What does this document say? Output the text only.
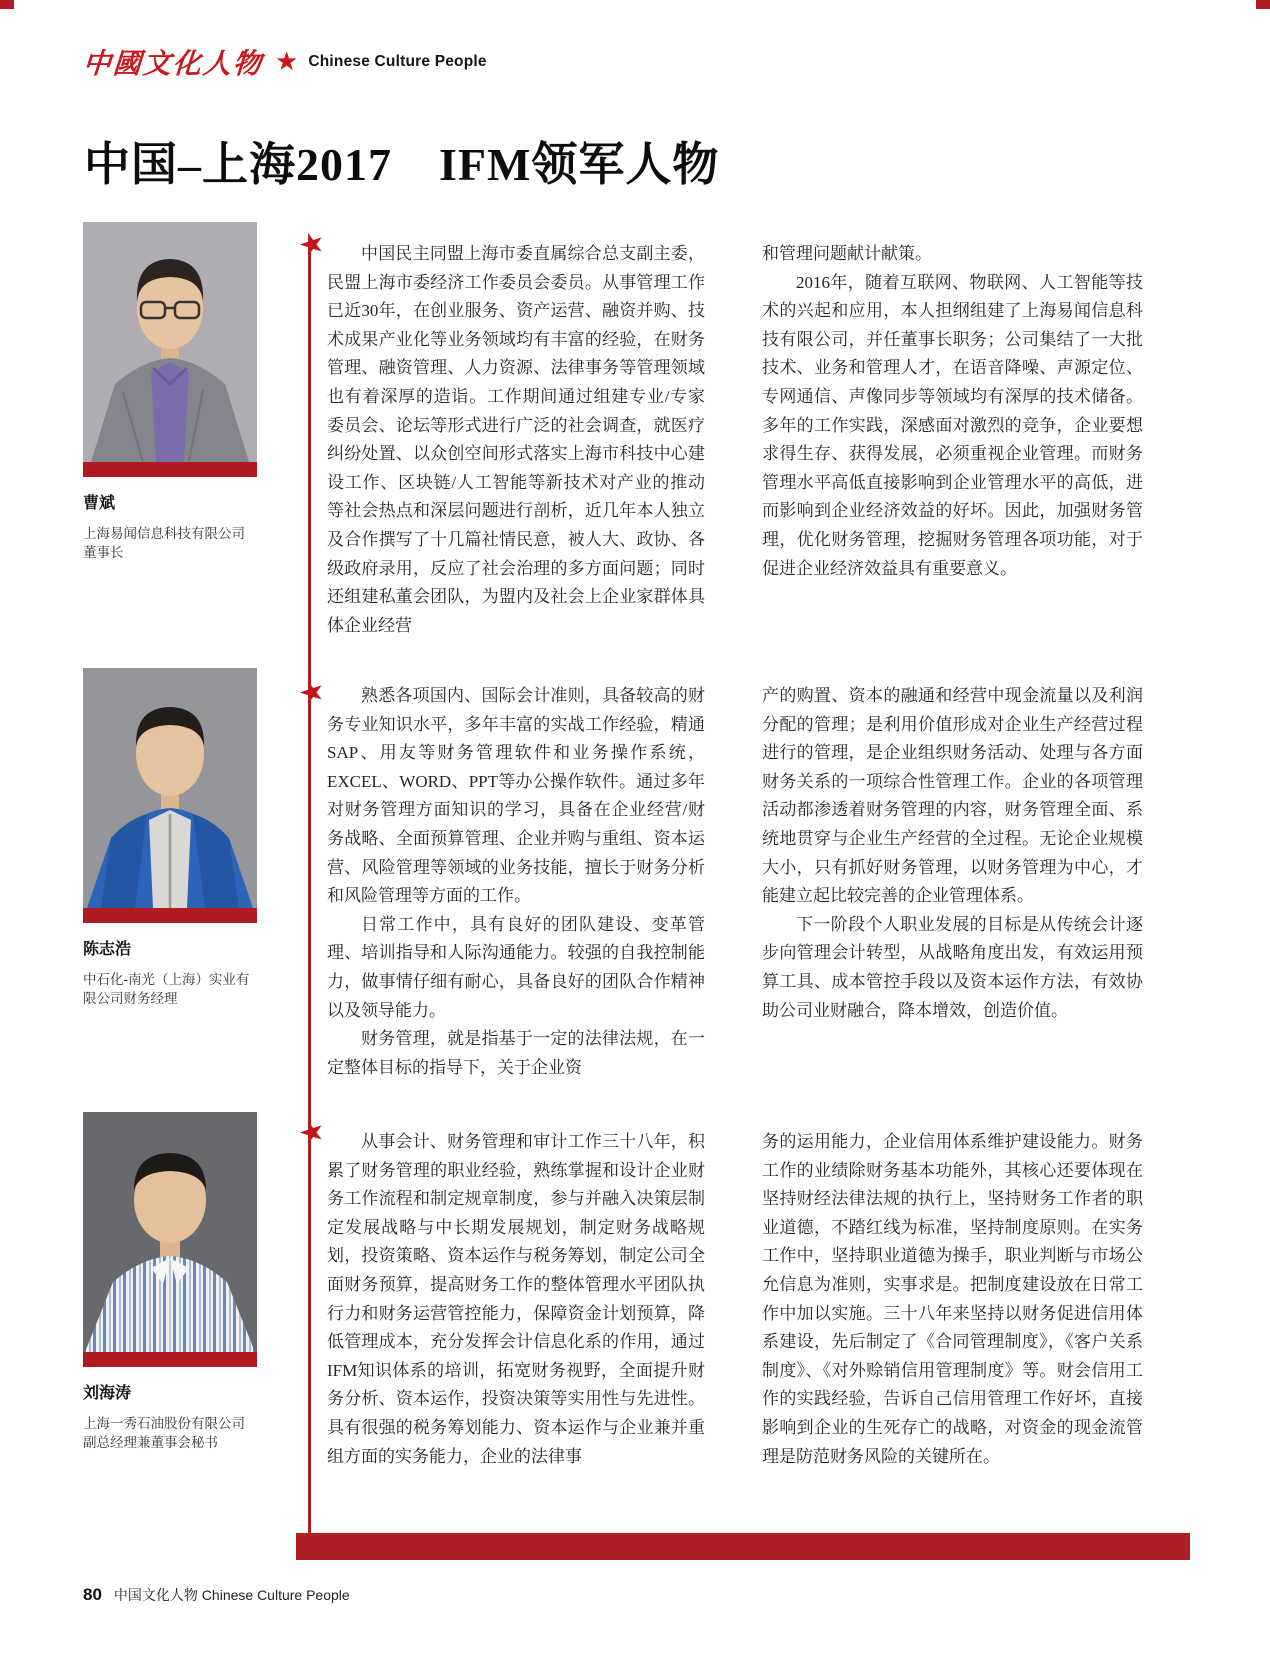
中國文化人物 ★ Chinese Culture People
中国–上海2017　IFM领军人物
★
★
★
曹斌
上海易闻信息科技有限公司董事长
陈志浩
中石化-南光（上海）实业有限公司财务经理
刘海涛
上海一秀石油股份有限公司副总经理兼董事会秘书

中国民主同盟上海市委直属综合总支副主委，民盟上海市委经济工作委员会委员。从事管理工作已近30年，在创业服务、资产运营、融资并购、技术成果产业化等业务领域均有丰富的经验，在财务管理、融资管理、人力资源、法律事务等管理领域也有着深厚的造诣。工作期间通过组建专业/专家委员会、论坛等形式进行广泛的社会调查，就医疗纠纷处置、以众创空间形式落实上海市科技中心建设工作、区块链/人工智能等新技术对产业的推动等社会热点和深层问题进行剖析，近几年本人独立及合作撰写了十几篇社情民意，被人大、政协、各级政府录用，反应了社会治理的多方面问题；同时还组建私董会团队，为盟内及社会上企业家群体具体企业经营

和管理问题献计献策。

2016年，随着互联网、物联网、人工智能等技术的兴起和应用，本人担纲组建了上海易闻信息科技有限公司，并任董事长职务；公司集结了一大批技术、业务和管理人才，在语音降噪、声源定位、专网通信、声像同步等领域均有深厚的技术储备。多年的工作实践，深感面对激烈的竞争，企业要想求得生存、获得发展，必须重视企业管理。而财务管理水平高低直接影响到企业管理水平的高低，进而影响到企业经济效益的好坏。因此，加强财务管理，优化财务管理，挖掘财务管理各项功能，对于促进企业经济效益具有重要意义。

熟悉各项国内、国际会计准则，具备较高的财务专业知识水平，多年丰富的实战工作经验，精通SAP、用友等财务管理软件和业务操作系统，EXCEL、WORD、PPT等办公操作软件。通过多年对财务管理方面知识的学习，具备在企业经营/财务战略、全面预算管理、企业并购与重组、资本运营、风险管理等领域的业务技能，擅长于财务分析和风险管理等方面的工作。

日常工作中，具有良好的团队建设、变革管理、培训指导和人际沟通能力。较强的自我控制能力，做事情仔细有耐心，具备良好的团队合作精神以及领导能力。

财务管理，就是指基于一定的法律法规，在一定整体目标的指导下，关于企业资

产的购置、资本的融通和经营中现金流量以及利润分配的管理；是利用价值形成对企业生产经营过程进行的管理，是企业组织财务活动、处理与各方面财务关系的一项综合性管理工作。企业的各项管理活动都渗透着财务管理的内容，财务管理全面、系统地贯穿与企业生产经营的全过程。无论企业规模大小，只有抓好财务管理，以财务管理为中心，才能建立起比较完善的企业管理体系。

下一阶段个人职业发展的目标是从传统会计逐步向管理会计转型，从战略角度出发，有效运用预算工具、成本管控手段以及资本运作方法，有效协助公司业财融合，降本增效，创造价值。

从事会计、财务管理和审计工作三十八年，积累了财务管理的职业经验，熟练掌握和设计企业财务工作流程和制定规章制度，参与并融入决策层制定发展战略与中长期发展规划，制定财务战略规划，投资策略、资本运作与税务筹划，制定公司全面财务预算，提高财务工作的整体管理水平团队执行力和财务运营管控能力，保障资金计划预算，降低管理成本，充分发挥会计信息化系的作用，通过IFM知识体系的培训，拓宽财务视野，全面提升财务分析、资本运作，投资决策等实用性与先进性。具有很强的税务筹划能力、资本运作与企业兼并重组方面的实务能力，企业的法律事

务的运用能力，企业信用体系维护建设能力。财务工作的业绩除财务基本功能外，其核心还要体现在坚持财经法律法规的执行上，坚持财务工作者的职业道德，不踏红线为标准，坚持制度原则。在实务工作中，坚持职业道德为操手，职业判断与市场公允信息为准则，实事求是。把制度建设放在日常工作中加以实施。三十八年来坚持以财务促进信用体系建设，先后制定了《合同管理制度》，《客户关系制度》、《对外赊销信用管理制度》等。财会信用工作的实践经验，告诉自己信用管理工作好坏，直接影响到企业的生死存亡的战略，对资金的现金流管理是防范财务风险的关键所在。

80 中国文化人物 Chinese Culture People
